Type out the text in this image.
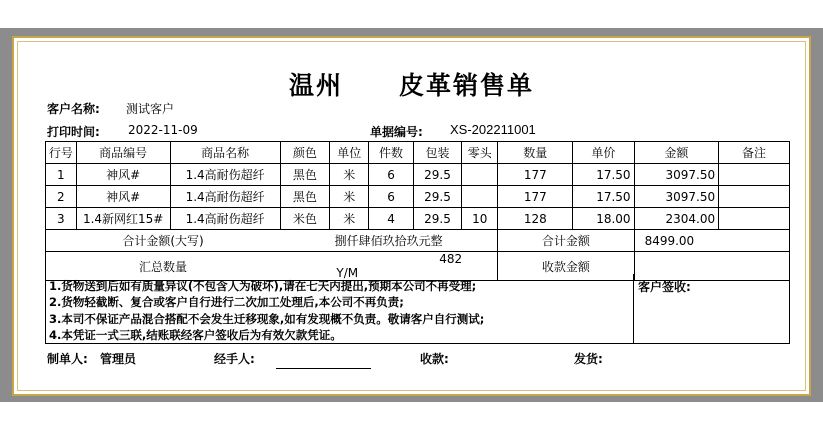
温州 皮革销售单
客户名称: 测试客户
打印时间: 2022-11-09	单据编号: XS-202211001
行号	商品编号	商品名称	颜色	单位	件数	包装	零头	数量	单价	金额	备注
1	神风#	1.4高耐伤超纤	黑色	米	6	29.5		177	17.50	3097.50	
2	神风#	1.4高耐伤超纤	黑色	米	6	29.5		177	17.50	3097.50	
3	1.4新网红15#	1.4高耐伤超纤	米色	米	4	29.5	10	128	18.00	2304.00	
合计金额(大写)			捌仟肆佰玖拾玖元整					合计金额		8499.00	
汇总数量			482Y/M					收款金额			
1.货物送到后如有质量异议(不包含人为破坏),请在七天内提出,预期本公司不再受理;
2.货物轻截断、复合或客户自行进行二次加工处理后,本公司不再负责;
3.本司不保证产品混合搭配不会发生迁移现象,如有发现概不负责。敬请客户自行测试;
4.本凭证一式三联,结账联经客户签收后为有效欠款凭证。
客户签收:
制单人: 管理员	经手人:	收款:	发货:
